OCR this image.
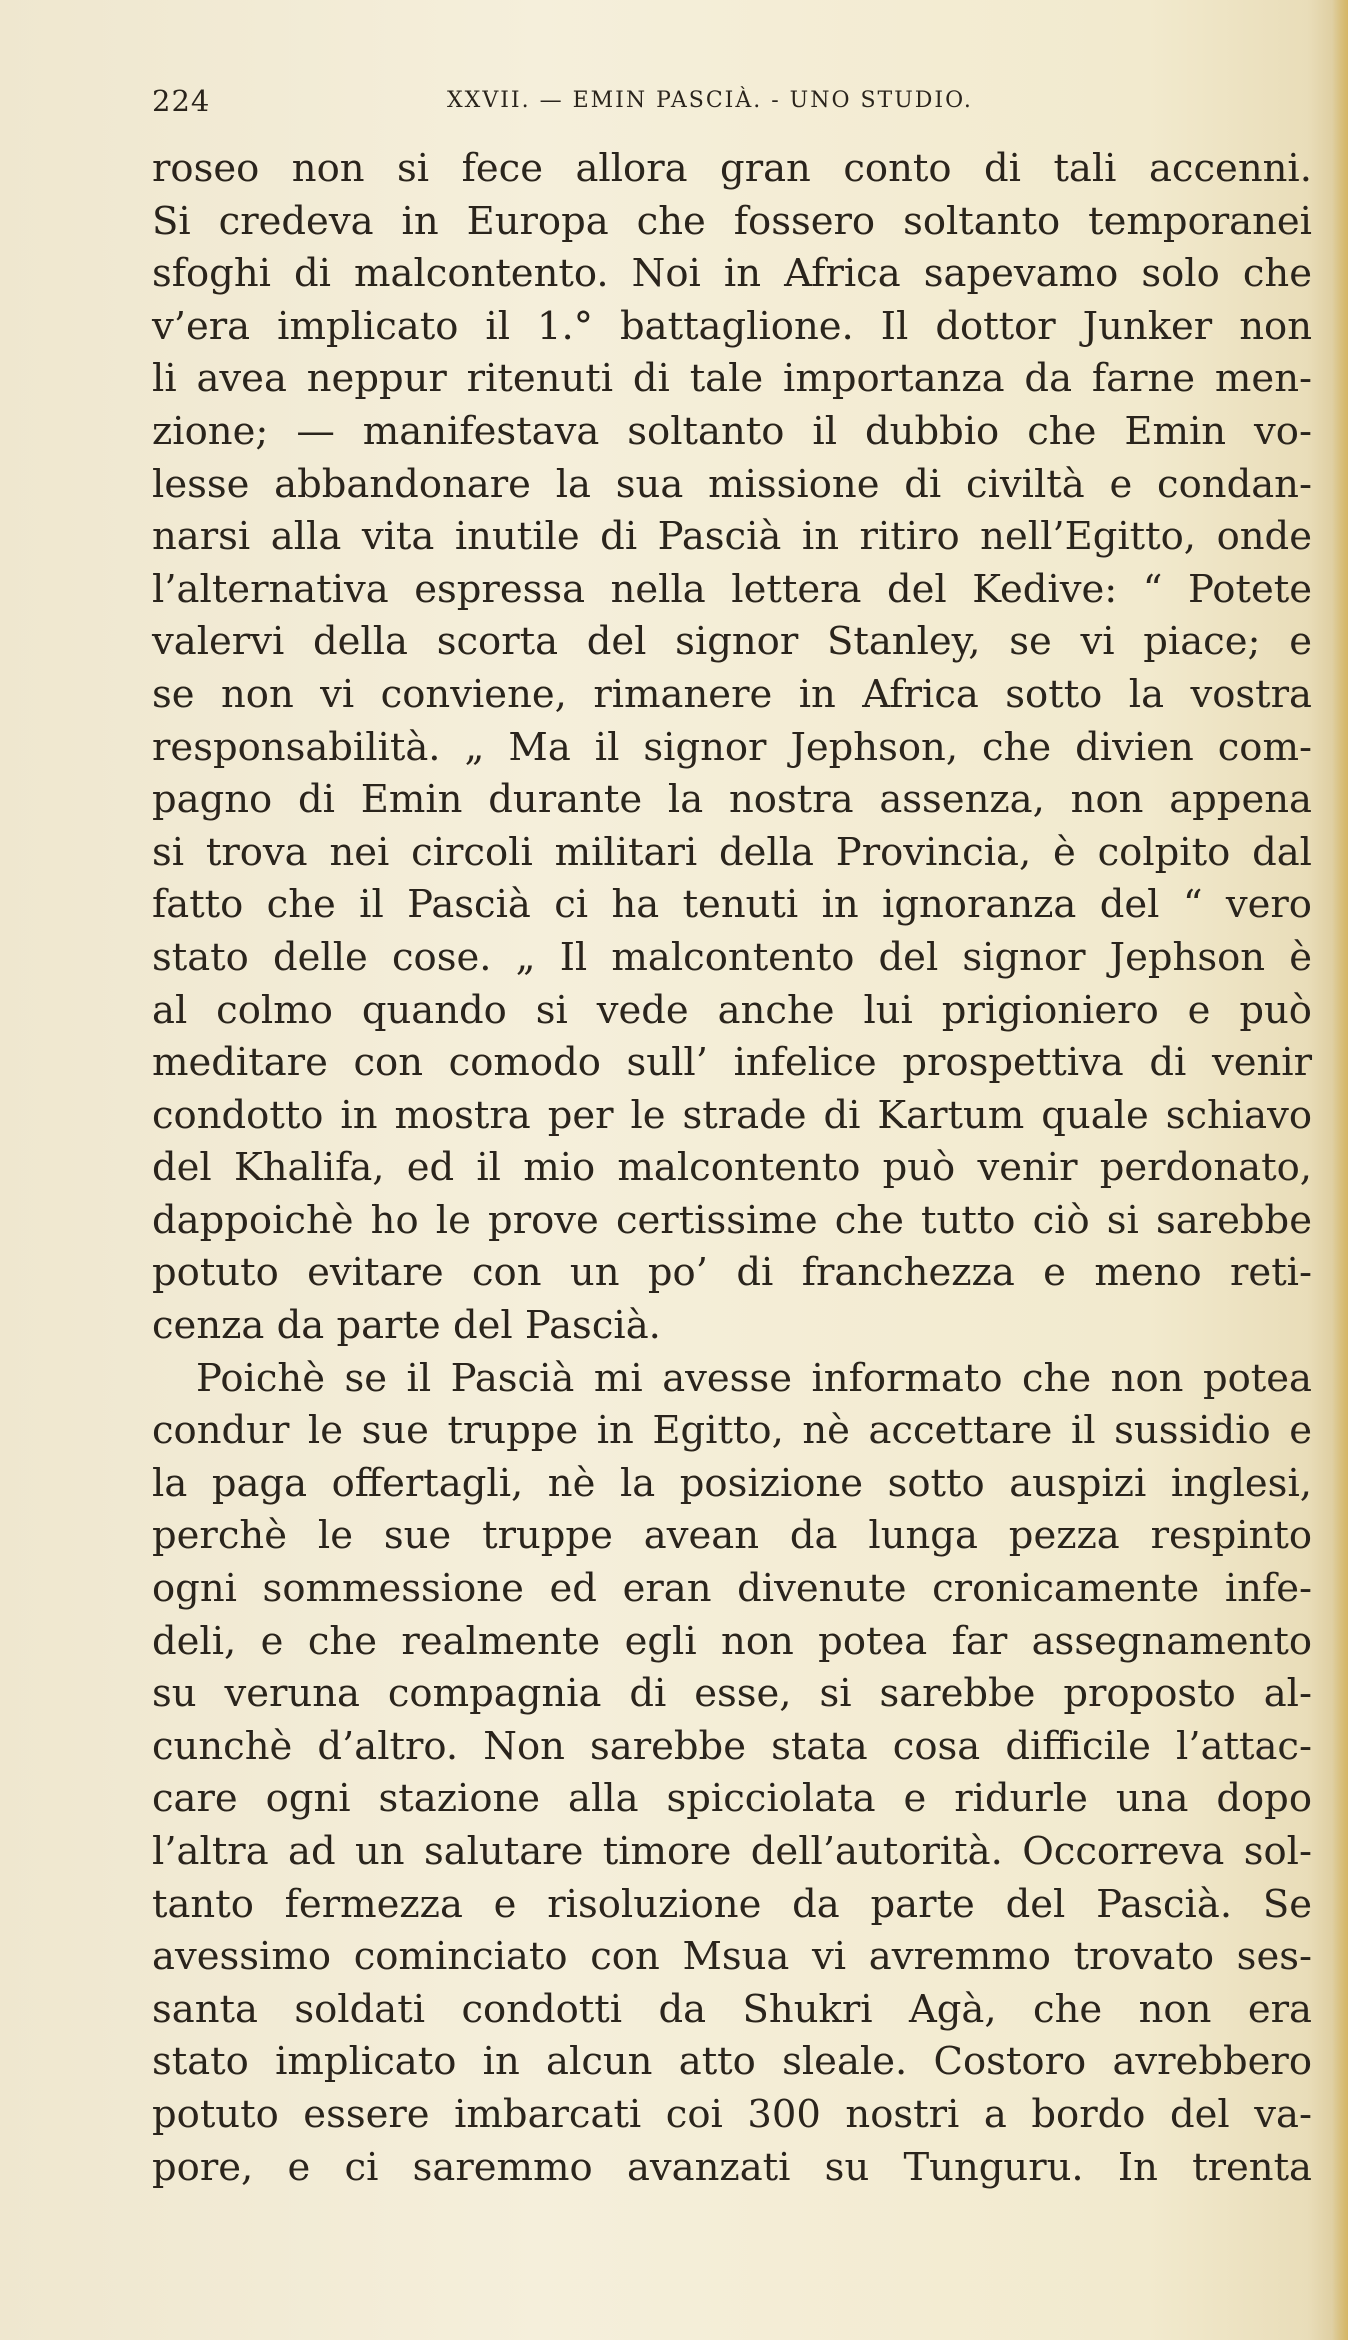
224	XXVII. — EMIN PASCIÀ. - UNO STUDIO.
roseo non si fece allora gran conto di tali accenni.
Si credeva in Europa che fossero soltanto temporanei
sfoghi di malcontento. Noi in Africa sapevamo solo che
v’era implicato il 1.° battaglione. Il dottor Junker non
li avea neppur ritenuti di tale importanza da farne men-
zione; — manifestava soltanto il dubbio che Emin vo-
lesse abbandonare la sua missione di civiltà e condan-
narsi alla vita inutile di Pascià in ritiro nell’Egitto, onde
l’alternativa espressa nella lettera del Kedive: “ Potete
valervi della scorta del signor Stanley, se vi piace; e
se non vi conviene, rimanere in Africa sotto la vostra
responsabilità. „ Ma il signor Jephson, che divien com-
pagno di Emin durante la nostra assenza, non appena
si trova nei circoli militari della Provincia, è colpito dal
fatto che il Pascià ci ha tenuti in ignoranza del “ vero
stato delle cose. „ Il malcontento del signor Jephson è
al colmo quando si vede anche lui prigioniero e può
meditare con comodo sull’ infelice prospettiva di venir
condotto in mostra per le strade di Kartum quale schiavo
del Khalifa, ed il mio malcontento può venir perdonato,
dappoichè ho le prove certissime che tutto ciò si sarebbe
potuto evitare con un po’ di franchezza e meno reti-
cenza da parte del Pascià.
Poichè se il Pascià mi avesse informato che non potea
condur le sue truppe in Egitto, nè accettare il sussidio e
la paga offertagli, nè la posizione sotto auspizi inglesi,
perchè le sue truppe avean da lunga pezza respinto
ogni sommessione ed eran divenute cronicamente infe-
deli, e che realmente egli non potea far assegnamento
su veruna compagnia di esse, si sarebbe proposto al-
cunchè d’altro. Non sarebbe stata cosa difficile l’attac-
care ogni stazione alla spicciolata e ridurle una dopo
l’altra ad un salutare timore dell’autorità. Occorreva sol-
tanto fermezza e risoluzione da parte del Pascià. Se
avessimo cominciato con Msua vi avremmo trovato ses-
santa soldati condotti da Shukri Agà, che non era
stato implicato in alcun atto sleale. Costoro avrebbero
potuto essere imbarcati coi 300 nostri a bordo del va-
pore, e ci saremmo avanzati su Tunguru. In trenta
